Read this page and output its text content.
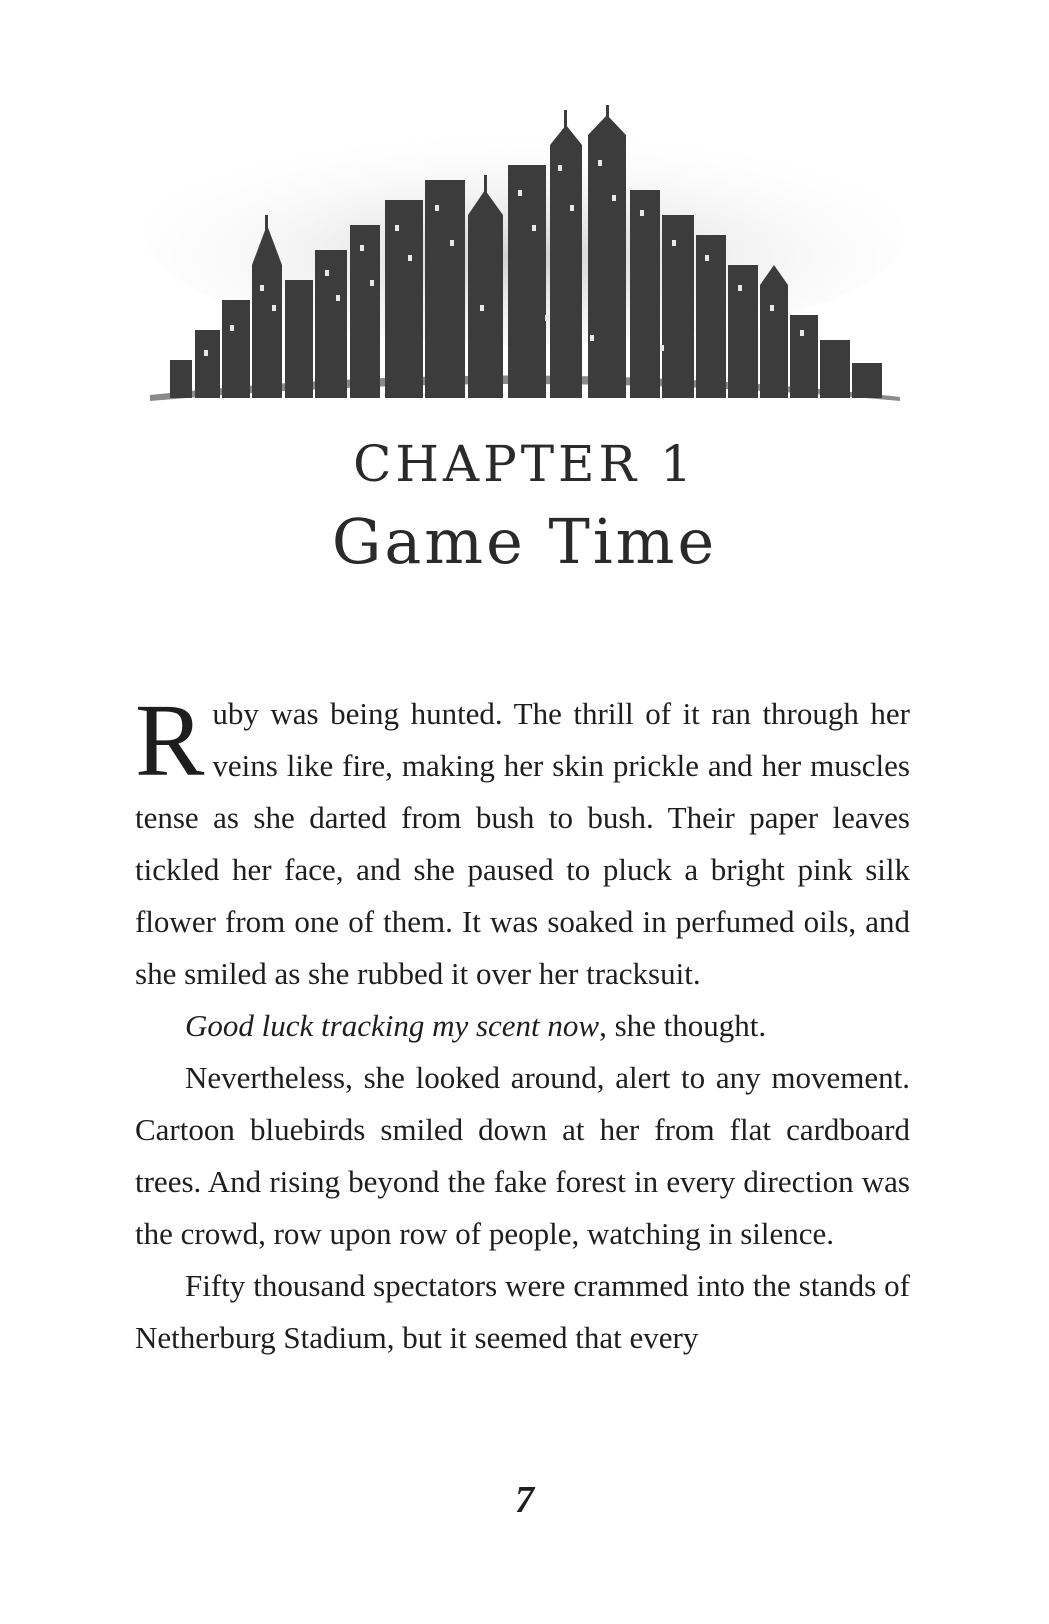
CHAPTER 1
Game Time

Ruby was being hunted. The thrill of it ran through her veins like fire, making her skin prickle and her muscles tense as she darted from bush to bush. Their paper leaves tickled her face, and she paused to pluck a bright pink silk flower from one of them. It was soaked in perfumed oils, and she smiled as she rubbed it over her tracksuit.

Good luck tracking my scent now, she thought.

Nevertheless, she looked around, alert to any movement. Cartoon bluebirds smiled down at her from flat cardboard trees. And rising beyond the fake forest in every direction was the crowd, row upon row of people, watching in silence.

Fifty thousand spectators were crammed into the stands of Netherburg Stadium, but it seemed that every

7
